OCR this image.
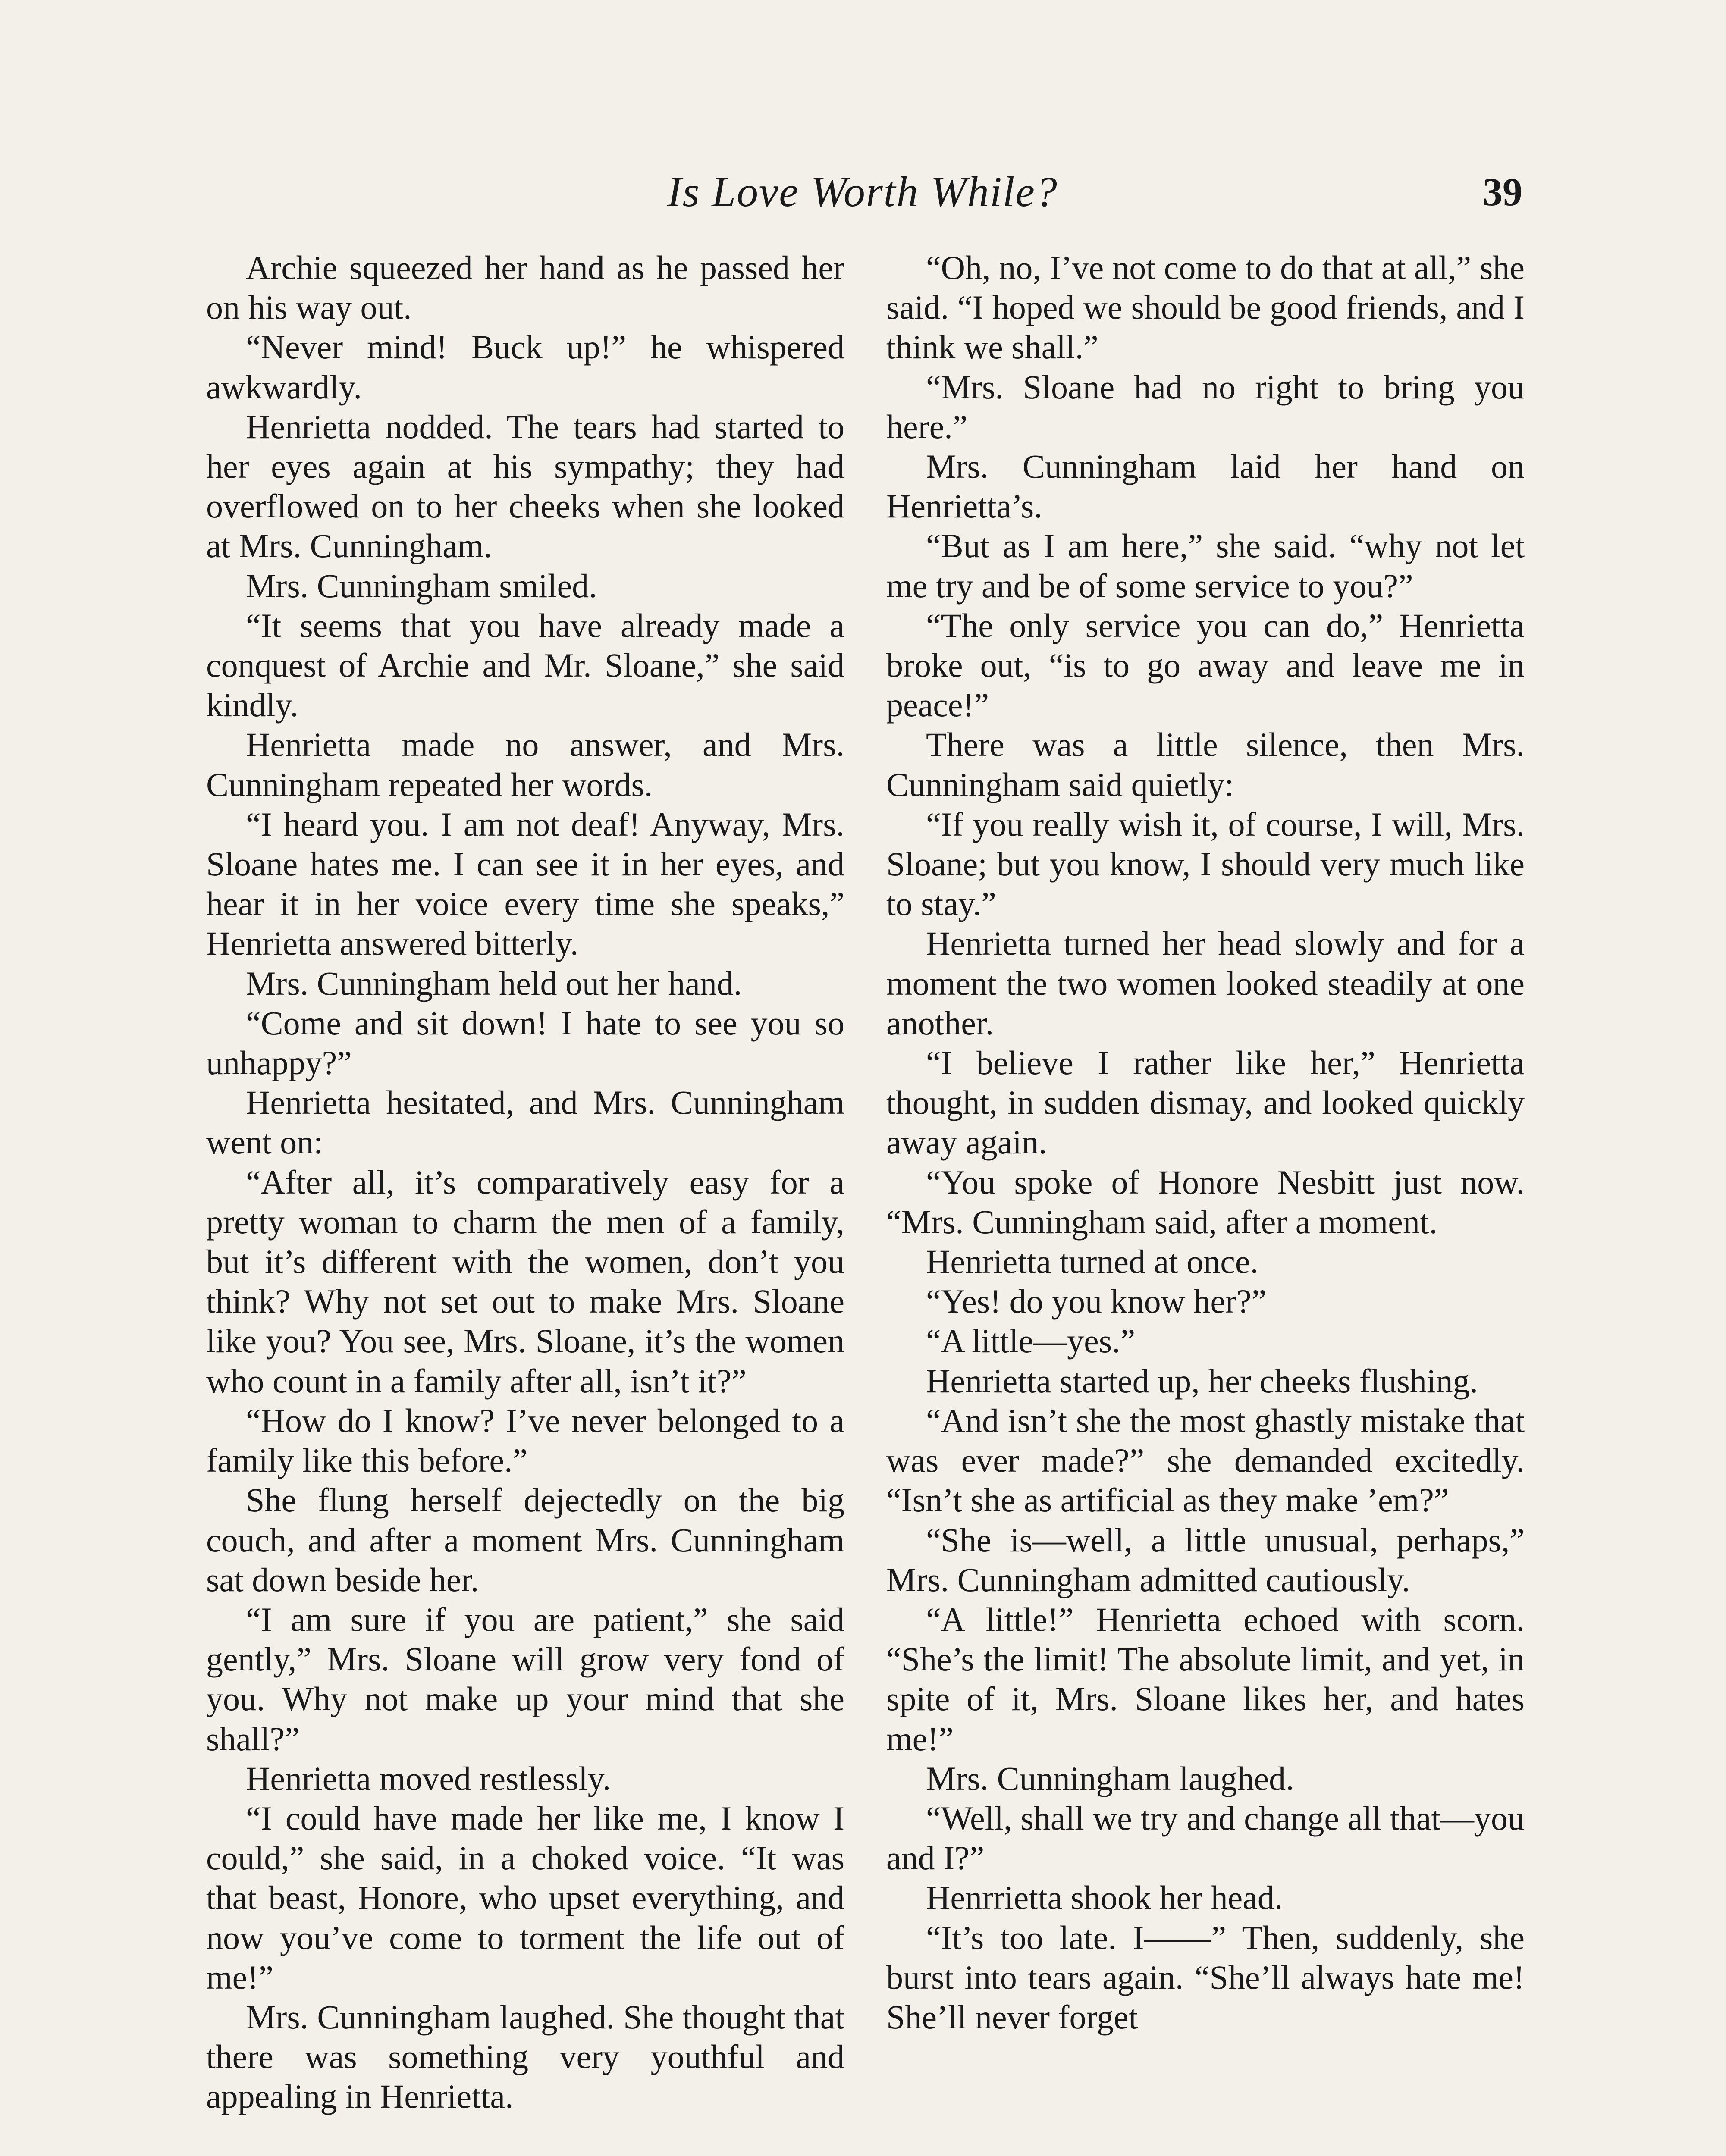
Is Love Worth While?	39

Archie squeezed her hand as he passed her on his way out.

“Never mind! Buck up!” he whispered awkwardly.

Henrietta nodded. The tears had started to her eyes again at his sympathy; they had overflowed on to her cheeks when she looked at Mrs. Cunningham.

Mrs. Cunningham smiled.

“It seems that you have already made a conquest of Archie and Mr. Sloane,” she said kindly.

Henrietta made no answer, and Mrs. Cunningham repeated her words.

“I heard you. I am not deaf! Anyway, Mrs. Sloane hates me. I can see it in her eyes, and hear it in her voice every time she speaks,” Henrietta answered bitterly.

Mrs. Cunningham held out her hand.

“Come and sit down! I hate to see you so unhappy?”

Henrietta hesitated, and Mrs. Cunningham went on:

“After all, it’s comparatively easy for a pretty woman to charm the men of a family, but it’s different with the women, don’t you think? Why not set out to make Mrs. Sloane like you? You see, Mrs. Sloane, it’s the women who count in a family after all, isn’t it?”

“How do I know? I’ve never belonged to a family like this before.”

She flung herself dejectedly on the big couch, and after a moment Mrs. Cunningham sat down beside her.

“I am sure if you are patient,” she said gently,” Mrs. Sloane will grow very fond of you. Why not make up your mind that she shall?”

Henrietta moved restlessly.

“I could have made her like me, I know I could,” she said, in a choked voice. “It was that beast, Honore, who upset everything, and now you’ve come to torment the life out of me!”

Mrs. Cunningham laughed. She thought that there was something very youthful and appealing in Henrietta.

“Oh, no, I’ve not come to do that at all,” she said. “I hoped we should be good friends, and I think we shall.”

“Mrs. Sloane had no right to bring you here.”

Mrs. Cunningham laid her hand on Henrietta’s.

“But as I am here,” she said. “why not let me try and be of some service to you?”

“The only service you can do,” Henrietta broke out, “is to go away and leave me in peace!”

There was a little silence, then Mrs. Cunningham said quietly:

“If you really wish it, of course, I will, Mrs. Sloane; but you know, I should very much like to stay.”

Henrietta turned her head slowly and for a moment the two women looked steadily at one another.

“I believe I rather like her,” Henrietta thought, in sudden dismay, and looked quickly away again.

“You spoke of Honore Nesbitt just now. “Mrs. Cunningham said, after a moment.

Henrietta turned at once.

“Yes! do you know her?”

“A little—yes.”

Henrietta started up, her cheeks flushing.

“And isn’t she the most ghastly mistake that was ever made?” she demanded excitedly. “Isn’t she as artificial as they make ’em?”

“She is—well, a little unusual, perhaps,” Mrs. Cunningham admitted cautiously.

“A little!” Henrietta echoed with scorn. “She’s the limit! The absolute limit, and yet, in spite of it, Mrs. Sloane likes her, and hates me!”

Mrs. Cunningham laughed.

“Well, shall we try and change all that—you and I?”

Henrrietta shook her head.

“It’s too late. I——” Then, suddenly, she burst into tears again. “She’ll always hate me! She’ll never forget
